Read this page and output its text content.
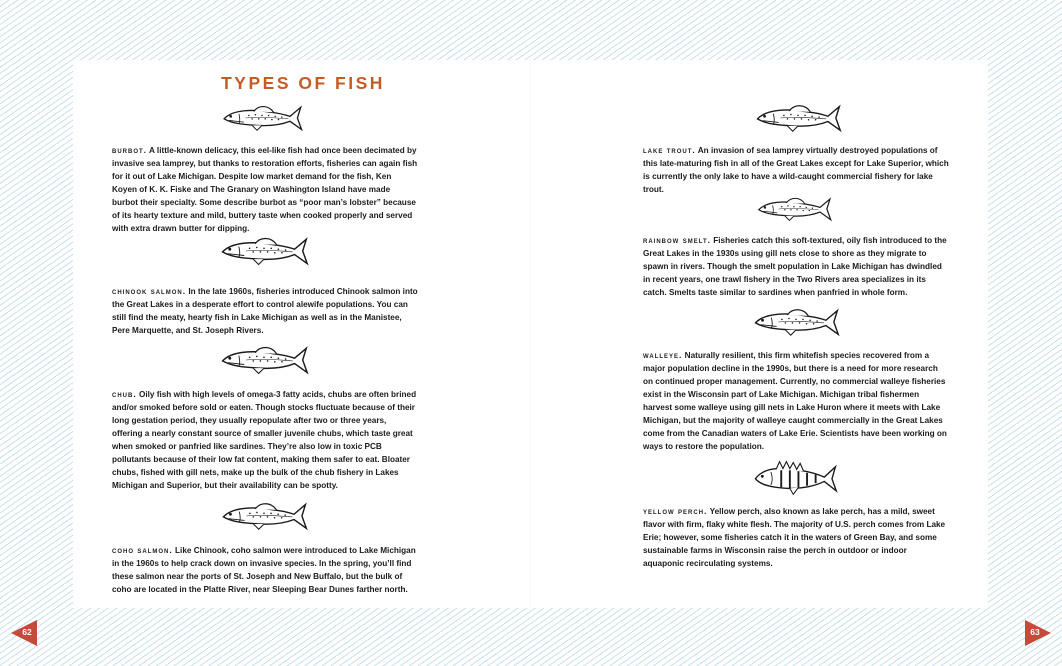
TYPES OF FISH

burbot. A little-known delicacy, this eel-like fish had once been decimated by invasive sea lamprey, but thanks to restoration efforts, fisheries can again fish for it out of Lake Michigan. Despite low market demand for the fish, Ken Koyen of K. K. Fiske and The Granary on Washington Island have made burbot their specialty. Some describe burbot as “poor man’s lobster” because of its hearty texture and mild, buttery taste when cooked properly and served with extra drawn butter for dipping.

chinook salmon. In the late 1960s, fisheries introduced Chinook salmon into the Great Lakes in a desperate effort to control alewife populations. You can still find the meaty, hearty fish in Lake Michigan as well as in the Manistee, Pere Marquette, and St. Joseph Rivers.

chub. Oily fish with high levels of omega-3 fatty acids, chubs are often brined and/or smoked before sold or eaten. Though stocks fluctuate because of their long gestation period, they usually repopulate after two or three years, offering a nearly constant source of smaller juvenile chubs, which taste great when smoked or panfried like sardines. They’re also low in toxic PCB pollutants because of their low fat content, making them safer to eat. Bloater chubs, fished with gill nets, make up the bulk of the chub fishery in Lakes Michigan and Superior, but their availability can be spotty.

coho salmon. Like Chinook, coho salmon were introduced to Lake Michigan in the 1960s to help crack down on invasive species. In the spring, you’ll find these salmon near the ports of St. Joseph and New Buffalo, but the bulk of coho are located in the Platte River, near Sleeping Bear Dunes farther north.

lake trout. An invasion of sea lamprey virtually destroyed populations of this late-maturing fish in all of the Great Lakes except for Lake Superior, which is currently the only lake to have a wild-caught commercial fishery for lake trout.

rainbow smelt. Fisheries catch this soft-textured, oily fish introduced to the Great Lakes in the 1930s using gill nets close to shore as they migrate to spawn in rivers. Though the smelt population in Lake Michigan has dwindled in recent years, one trawl fishery in the Two Rivers area specializes in its catch. Smelts taste similar to sardines when panfried in whole form.

walleye. Naturally resilient, this firm whitefish species recovered from a major population decline in the 1990s, but there is a need for more research on continued proper management. Currently, no commercial walleye fisheries exist in the Wisconsin part of Lake Michigan. Michigan tribal fishermen harvest some walleye using gill nets in Lake Huron where it meets with Lake Michigan, but the majority of walleye caught commercially in the Great Lakes come from the Canadian waters of Lake Erie. Scientists have been working on ways to restore the population.

yellow perch. Yellow perch, also known as lake perch, has a mild, sweet flavor with firm, flaky white flesh. The majority of U.S. perch comes from Lake Erie; however, some fisheries catch it in the waters of Green Bay, and some sustainable farms in Wisconsin raise the perch in outdoor or indoor aquaponic recirculating systems.

62	63
